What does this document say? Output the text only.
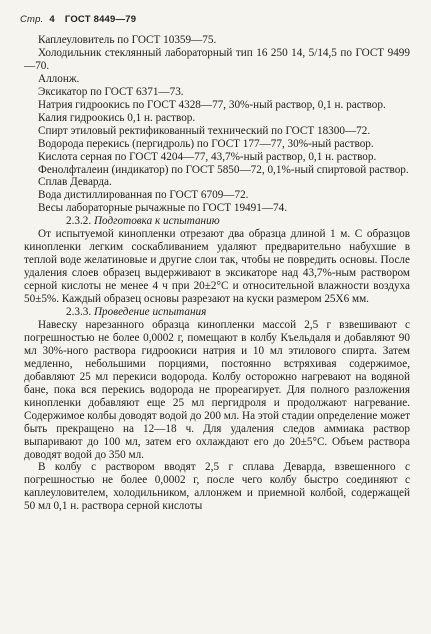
Стр. 4 ГОСТ 8449—79

Каплеуловитель по ГОСТ 10359—75.

Холодильник стеклянный лабораторный тип 16 250 14, 5/14,5 по ГОСТ 9499—70.

Аллонж.

Эксикатор по ГОСТ 6371—73.

Натрия гидроокись по ГОСТ 4328—77, 30%-ный раствор, 0,1 н. раствор.

Калия гидроокись 0,1 н. раствор.

Спирт этиловый ректификованный технический по ГОСТ 18300—72.

Водорода перекись (пергидроль) по ГОСТ 177—77, 30%-ный раствор.

Кислота серная по ГОСТ 4204—77, 43,7%-ный раствор, 0,1 н. раствор.

Фенолфталеин (индикатор) по ГОСТ 5850—72, 0,1%-ный спиртовой раствор.

Сплав Деварда.

Вода дистиллированная по ГОСТ 6709—72.

Весы лабораторные рычажные по ГОСТ 19491—74.

2.3.2. Подготовка к испытанию

От испытуемой кинопленки отрезают два образца длиной 1 м. С образцов кинопленки легким соскабливанием удаляют предварительно набухшие в теплой воде желатиновые и другие слои так, чтобы не повредить основы. После удаления слоев образец выдерживают в эксикаторе над 43,7%-ным раствором серной кислоты не менее 4 ч при 20±2°С и относительной влажности воздуха 50±5%. Каждый образец основы разрезают на куски размером 25Х6 мм.

2.3.3. Проведение испытания

Навеску нарезанного образца кинопленки массой 2,5 г взвешивают с погрешностью не более 0,0002 г, помещают в колбу Къельдаля и добавляют 90 мл 30%-ного раствора гидроокиси натрия и 10 мл этилового спирта. Затем медленно, небольшими порциями, постоянно встряхивая содержимое, добавляют 25 мл перекиси водорода. Колбу осторожно нагревают на водяной бане, пока вся перекись водорода не прореагирует. Для полного разложения кинопленки добавляют еще 25 мл пергидроля и продолжают нагревание. Содержимое колбы доводят водой до 200 мл. На этой стадии определение может быть прекращено на 12—18 ч. Для удаления следов аммиака раствор выпаривают до 100 мл, затем его охлаждают его до 20±5°С. Объем раствора доводят водой до 350 мл.

В колбу с раствором вводят 2,5 г сплава Деварда, взвешенного с погрешностью не более 0,0002 г, после чего колбу быстро соединяют с каплеуловителем, холодильником, аллонжем и приемной колбой, содержащей 50 мл 0,1 н. раствора серной кислоты
